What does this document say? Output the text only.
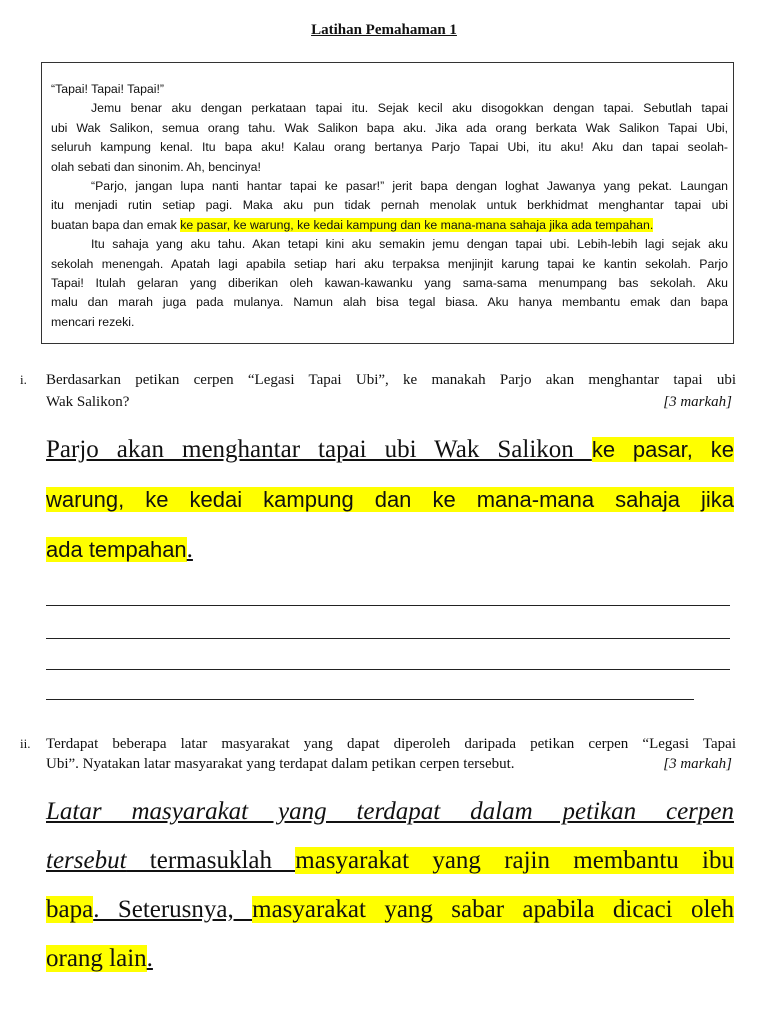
Latihan Pemahaman 1
“Tapai! Tapai! Tapai!”
Jemu benar aku dengan perkataan tapai itu. Sejak kecil aku disogokkan dengan tapai. Sebutlah tapai
ubi Wak Salikon, semua orang tahu. Wak Salikon bapa aku. Jika ada orang berkata Wak Salikon Tapai Ubi,
seluruh kampung kenal. Itu bapa aku! Kalau orang bertanya Parjo Tapai Ubi, itu aku! Aku dan tapai seolah-
olah sebati dan sinonim. Ah, bencinya!
“Parjo, jangan lupa nanti hantar tapai ke pasar!” jerit bapa dengan loghat Jawanya yang pekat. Laungan
itu menjadi rutin setiap pagi. Maka aku pun tidak pernah menolak untuk berkhidmat menghantar tapai ubi
buatan bapa dan emak ke pasar, ke warung, ke kedai kampung dan ke mana-mana sahaja jika ada tempahan.
Itu sahaja yang aku tahu. Akan tetapi kini aku semakin jemu dengan tapai ubi. Lebih-lebih lagi sejak aku
sekolah menengah. Apatah lagi apabila setiap hari aku terpaksa menjinjit karung tapai ke kantin sekolah. Parjo
Tapai! Itulah gelaran yang diberikan oleh kawan-kawanku yang sama-sama menumpang bas sekolah. Aku
malu dan marah juga pada mulanya. Namun alah bisa tegal biasa. Aku hanya membantu emak dan bapa
mencari rezeki.
i. Berdasarkan petikan cerpen “Legasi Tapai Ubi”, ke manakah Parjo akan menghantar tapai ubi
Wak Salikon?	[3 markah]
Parjo akan menghantar tapai ubi Wak Salikon ke pasar, ke
warung, ke kedai kampung dan ke mana-mana sahaja jika
ada tempahan.
ii. Terdapat beberapa latar masyarakat yang dapat diperoleh daripada petikan cerpen “Legasi Tapai
Ubi”. Nyatakan latar masyarakat yang terdapat dalam petikan cerpen tersebut.	[3 markah]
Latar masyarakat yang terdapat dalam petikan cerpen
tersebut termasuklah masyarakat yang rajin membantu ibu
bapa. Seterusnya, masyarakat yang sabar apabila dicaci oleh
orang lain.
